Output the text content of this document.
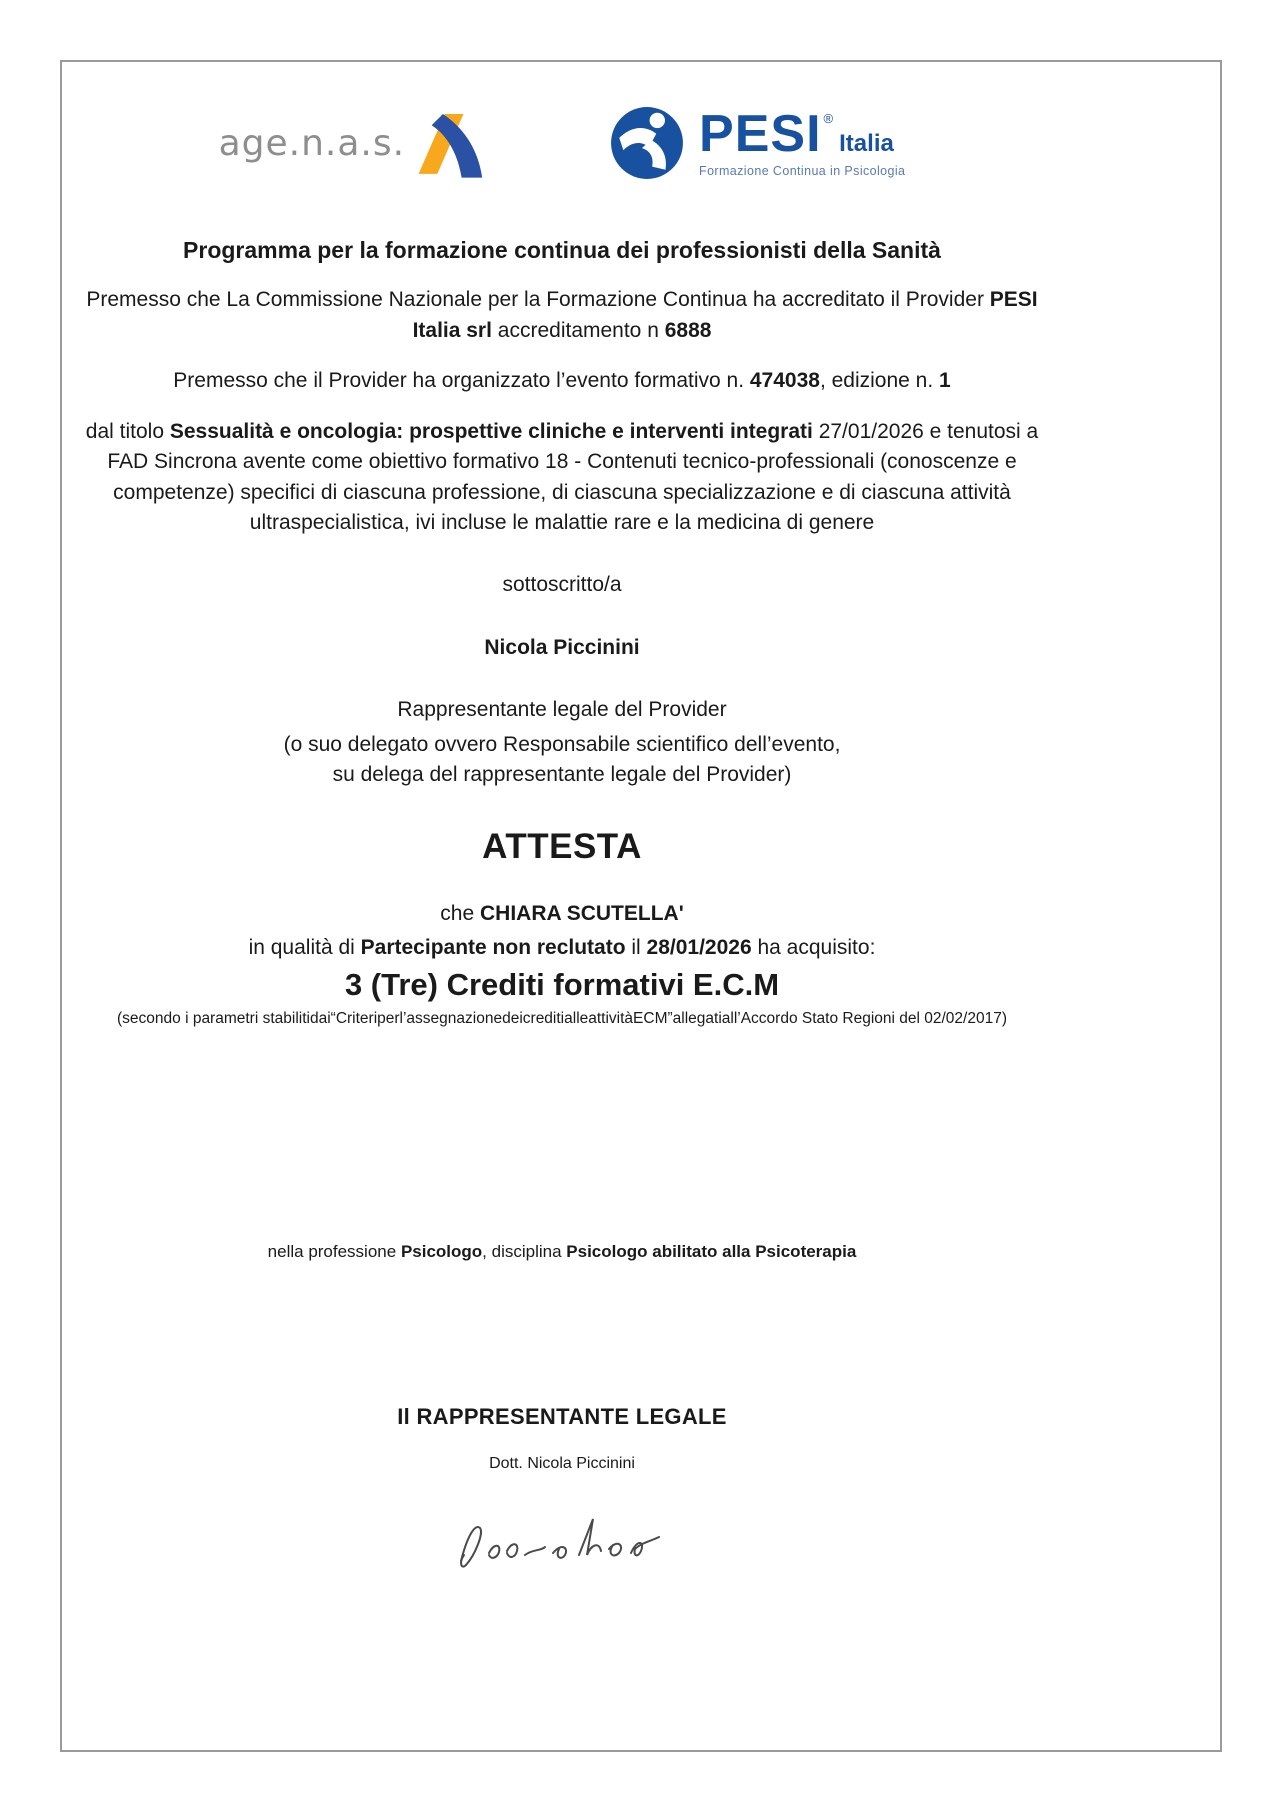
age.n.a.s.	PESI ®
Italia
Formazione Continua in Psicologia

Programma per la formazione continua dei professionisti della Sanità

Premesso che La Commissione Nazionale per la Formazione Continua ha accreditato il Provider PESI Italia srl accreditamento n 6888

Premesso che il Provider ha organizzato l’evento formativo n. 474038, edizione n. 1

dal titolo Sessualità e oncologia: prospettive cliniche e interventi integrati 27/01/2026 e tenutosi a FAD Sincrona avente come obiettivo formativo 18 - Contenuti tecnico-professionali (conoscenze e competenze) specifici di ciascuna professione, di ciascuna specializzazione e di ciascuna attività ultraspecialistica, ivi incluse le malattie rare e la medicina di genere

sottoscritto/a

Nicola Piccinini

Rappresentante legale del Provider

(o suo delegato ovvero Responsabile scientifico dell’evento,
su delega del rappresentante legale del Provider)

ATTESTA

che CHIARA SCUTELLA'

in qualità di Partecipante non reclutato il 28/01/2026 ha acquisito:

3 (Tre) Crediti formativi E.C.M

(secondo i parametri stabilitidai“Criteriperl’assegnazionedeicreditialleattivitàECM”allegatiall’Accordo Stato Regioni del 02/02/2017)

nella professione Psicologo, disciplina Psicologo abilitato alla Psicoterapia

Il RAPPRESENTANTE LEGALE

Dott. Nicola Piccinini
